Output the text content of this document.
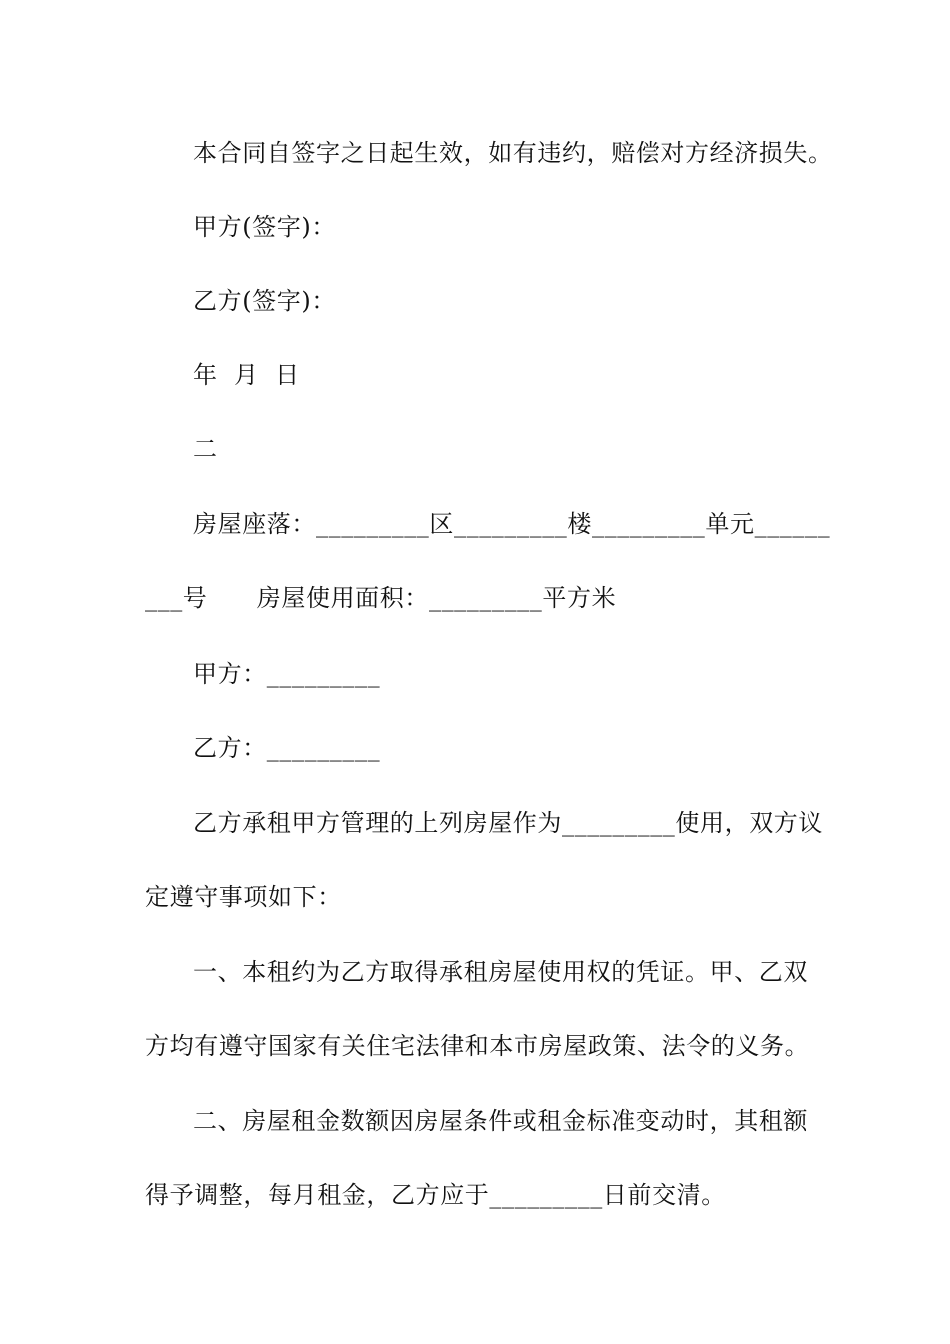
本合同自签字之日起生效，如有违约，赔偿对方经济损失。
甲方(签字)：
乙方(签字)：
年  月  日
二
房屋座落：_________区_________楼_________单元______
___号      房屋使用面积：_________平方米
甲方：_________
乙方：_________
乙方承租甲方管理的上列房屋作为_________使用，双方议
定遵守事项如下：
一、本租约为乙方取得承租房屋使用权的凭证。甲、乙双
方均有遵守国家有关住宅法律和本市房屋政策、法令的义务。
二、房屋租金数额因房屋条件或租金标准变动时，其租额
得予调整，每月租金，乙方应于_________日前交清。
